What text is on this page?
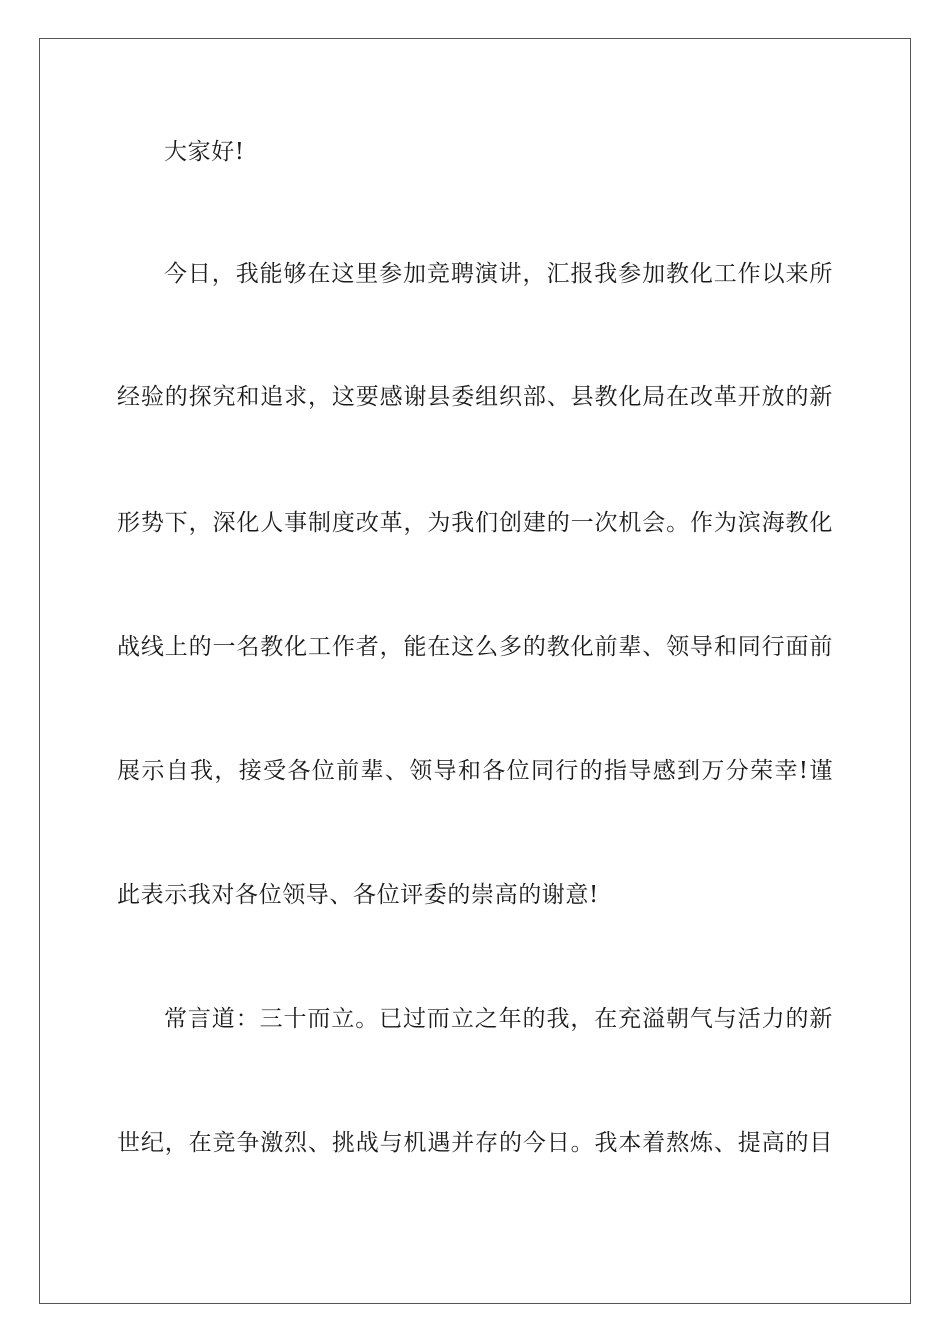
大家好!
今日，我能够在这里参加竞聘演讲，汇报我参加教化工作以来所
经验的探究和追求，这要感谢县委组织部、县教化局在改革开放的新
形势下，深化人事制度改革，为我们创建的一次机会。作为滨海教化
战线上的一名教化工作者，能在这么多的教化前辈、领导和同行面前
展示自我，接受各位前辈、领导和各位同行的指导感到万分荣幸!谨
此表示我对各位领导、各位评委的崇高的谢意!
常言道：三十而立。已过而立之年的我，在充溢朝气与活力的新
世纪，在竞争激烈、挑战与机遇并存的今日。我本着熬炼、提高的目
